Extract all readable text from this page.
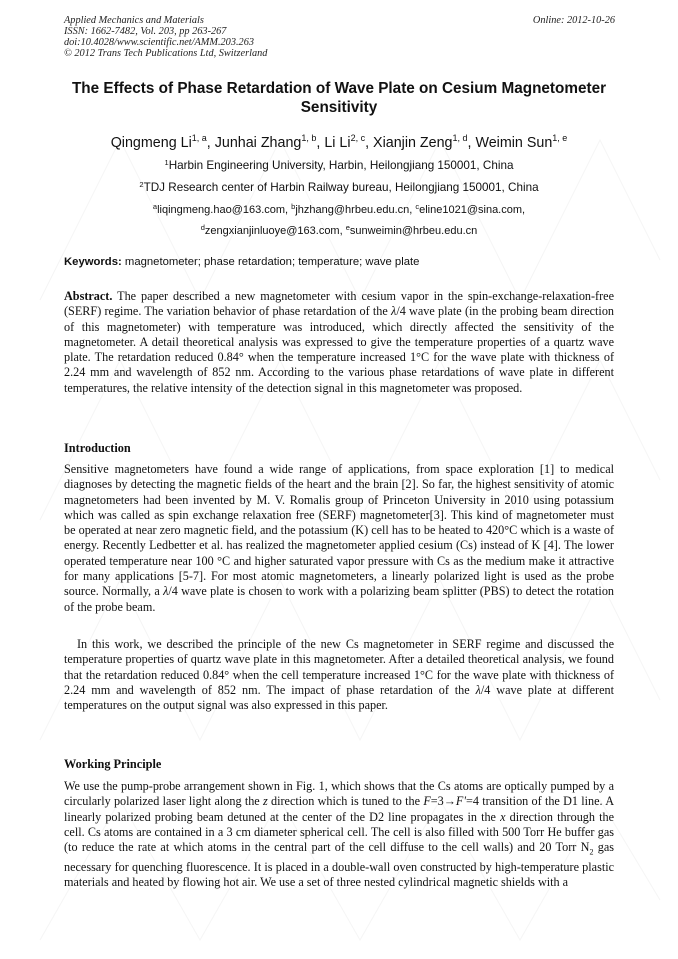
Applied Mechanics and Materials
ISSN: 1662-7482, Vol. 203, pp 263-267
doi:10.4028/www.scientific.net/AMM.203.263
© 2012 Trans Tech Publications Ltd, Switzerland
Online: 2012-10-26
The Effects of Phase Retardation of Wave Plate on Cesium Magnetometer Sensitivity
Qingmeng Li$^{1, a}$, Junhai Zhang$^{1, b}$, Li Li$^{2, c}$, Xianjin Zeng$^{1, d}$, Weimin Sun$^{1, e}$
$^1$Harbin Engineering University, Harbin, Heilongjiang 150001, China
$^2$TDJ Research center of Harbin Railway bureau, Heilongjiang 150001, China
$^a$liqingmeng.hao@163.com, $^b$jhzhang@hrbeu.edu.cn, $^c$eline1021@sina.com,
$^d$zengxianjinluoye@163.com, $^e$sunweimin@hrbeu.edu.cn
Keywords: magnetometer; phase retardation; temperature; wave plate
Abstract. The paper described a new magnetometer with cesium vapor in the spin-exchange-relaxation-free (SERF) regime. The variation behavior of phase retardation of the λ/4 wave plate (in the probing beam direction of this magnetometer) with temperature was introduced, which directly affected the sensitivity of the magnetometer. A detail theoretical analysis was expressed to give the temperature properties of a quartz wave plate. The retardation reduced 0.84° when the temperature increased 1°C for the wave plate with thickness of 2.24 mm and wavelength of 852 nm. According to the various phase retardations of wave plate in different temperatures, the relative intensity of the detection signal in this magnetometer was proposed.
Introduction
Sensitive magnetometers have found a wide range of applications, from space exploration [1] to medical diagnoses by detecting the magnetic fields of the heart and the brain [2]. So far, the highest sensitivity of atomic magnetometers had been invented by M. V. Romalis group of Princeton University in 2010 using potassium which was called as spin exchange relaxation free (SERF) magnetometer[3]. This kind of magnetometer must be operated at near zero magnetic field, and the potassium (K) cell has to be heated to 420°C which is a waste of energy. Recently Ledbetter et al. has realized the magnetometer applied cesium (Cs) instead of K [4]. The lower operated temperature near 100 °C and higher saturated vapor pressure with Cs as the medium make it attractive for many applications [5-7]. For most atomic magnetometers, a linearly polarized light is used as the probe source. Normally, a λ/4 wave plate is chosen to work with a polarizing beam splitter (PBS) to detect the rotation of the probe beam.
In this work, we described the principle of the new Cs magnetometer in SERF regime and discussed the temperature properties of quartz wave plate in this magnetometer. After a detailed theoretical analysis, we found that the retardation reduced 0.84° when the cell temperature increased 1°C for the wave plate with thickness of 2.24 mm and wavelength of 852 nm. The impact of phase retardation of the λ/4 wave plate at different temperatures on the output signal was also expressed in this paper.
Working Principle
We use the pump-probe arrangement shown in Fig. 1, which shows that the Cs atoms are optically pumped by a circularly polarized laser light along the z direction which is tuned to the F=3→F'=4 transition of the D1 line. A linearly polarized probing beam detuned at the center of the D2 line propagates in the x direction through the cell. Cs atoms are contained in a 3 cm diameter spherical cell. The cell is also filled with 500 Torr He buffer gas (to reduce the rate at which atoms in the central part of the cell diffuse to the cell walls) and 20 Torr $N_2$ gas necessary for quenching fluorescence. It is placed in a double-wall oven constructed by high-temperature plastic materials and heated by flowing hot air. We use a set of three nested cylindrical magnetic shields with a
